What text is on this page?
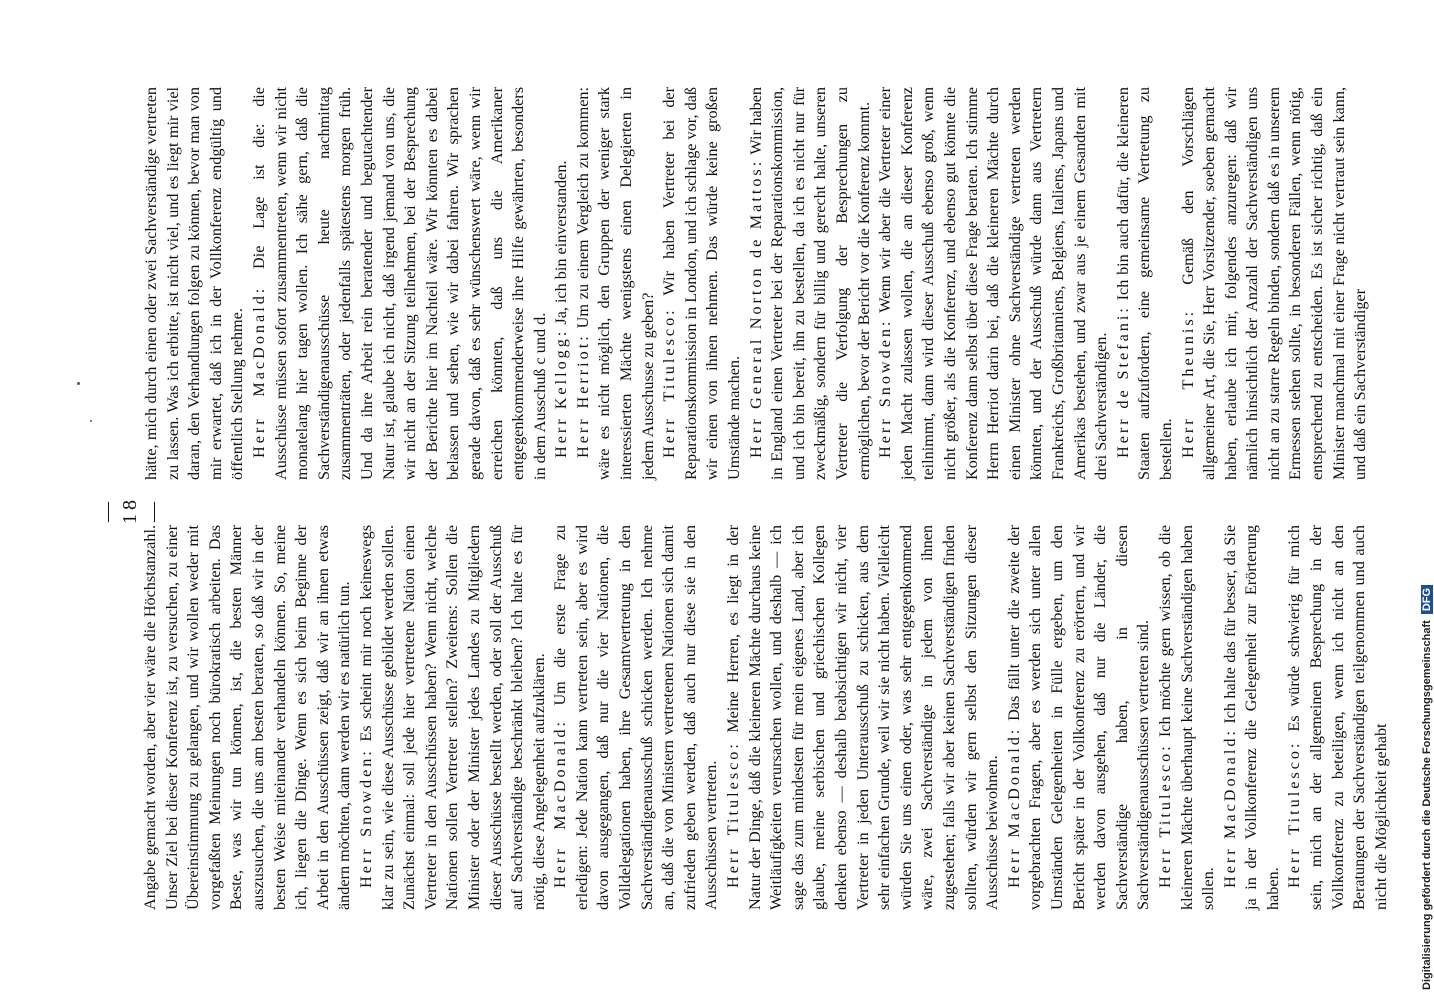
Angabe gemacht worden, aber vier wäre die Höchstanzahl. Unser Ziel bei dieser Konferenz ist, zu versuchen, zu einer Übereinstimmung zu gelangen, und wir wollen weder mit vorgefaßten Meinungen noch bürokratisch arbeiten. Das Beste, was wir tun können, ist, die besten Männer auszusuchen, die uns am besten beraten, so daß wir in der besten Weise miteinander verhandeln können. So, meine ich, liegen die Dinge. Wenn es sich beim Beginne der Arbeit in den Ausschüssen zeigt, daß wir an ihnen etwas ändern möchten, dann werden wir es natürlich tun. Herr Snowden: Es scheint mir noch keineswegs klar zu sein, wie diese Ausschüsse gebildet werden sollen. Zunächst einmal: soll jede hier vertretene Nation einen Vertreter in den Ausschüssen haben? Wenn nicht, welche Nationen sollen Vertreter stellen? Zweitens: Sollen die Minister oder der Minister jedes Landes zu Mitgliedern dieser Ausschüsse bestellt werden, oder soll der Ausschuß auf Sachverständige beschränkt bleiben? Ich halte es für nötig, diese Angelegenheit aufzuklären. Herr MacDonald: Um die erste Frage zu erledigen: Jede Nation kann vertreten sein, aber es wird davon ausgegangen, daß nur die vier Nationen, die Volldelegationen haben, ihre Gesamtvertretung in den Sachverständigenausschuß schicken werden. Ich nehme an, daß die von Ministern vertretenen Nationen sich damit zufrieden geben werden, daß auch nur diese sie in den Ausschüssen vertreten. Herr Titulesco: Meine Herren, es liegt in der Natur der Dinge, daß die kleineren Mächte durchaus keine Weitläufigkeiten verursachen wollen, und deshalb — ich sage das zum mindesten für mein eigenes Land, aber ich glaube, meine serbischen und griechischen Kollegen denken ebenso — deshalb beabsichtigen wir nicht, vier Vertreter in jeden Unterausschuß zu schicken, aus dem sehr einfachen Grunde, weil wir sie nicht haben. Vielleicht würden Sie uns einen oder, was sehr entgegenkommend wäre, zwei Sachverständige in jedem von ihnen zugestehen; falls wir aber keinen Sachverständigen finden sollten, würden wir gern selbst den Sitzungen dieser Ausschüsse beiwohnen. Herr MacDonald: Das fällt unter die zweite der vorgebrachten Fragen, aber es werden sich unter allen Umständen Gelegenheiten in Fülle ergeben, um den Bericht später in der Vollkonferenz zu erörtern, und wir werden davon ausgehen, daß nur die Länder, die Sachverständige haben, in diesen Sachverständigenausschüssen vertreten sind. Herr Titulesco: Ich möchte gern wissen, ob die kleineren Mächte überhaupt keine Sachverständigen haben sollen.

Herr MacDonald: Ich halte das für besser, da Sie ja in der Vollkonferenz die Gelegenheit zur Erörterung haben.

Herr Titulesco: Es würde schwierig für mich sein, mich an der allgemeinen Besprechung in der Vollkonferenz zu beteiligen, wenn ich nicht an den Beratungen der Sachverständigen teilgenommen und auch nicht die Möglichkeit gehabt

— 18 —

hätte, mich durch einen oder zwei Sachverständige vertreten zu lassen. Was ich erbitte, ist nicht viel, und es liegt mir viel daran, den Verhandlungen folgen zu können, bevor man von mir erwartet, daß ich in der Vollkonferenz endgültig und öffentlich Stellung nehme. Herr MacDonald: Die Lage ist die: die Ausschüsse müssen sofort zusammentreten, wenn wir nicht monatelang hier tagen wollen. Ich sähe gern, daß die Sachverständigenausschüsse heute nachmittag zusammenträten, oder jedenfalls spätestens morgen früh. Und da ihre Arbeit rein beratender und begutachtender Natur ist, glaube ich nicht, daß irgend jemand von uns, die wir nicht an der Sitzung teilnehmen, bei der Besprechung der Berichte hier im Nachteil wäre. Wir könnten es dabei belassen und sehen, wie wir dabei fahren. Wir sprachen gerade davon, daß es sehr wünschenswert wäre, wenn wir erreichen könnten, daß uns die Amerikaner entgegenkommenderweise ihre Hilfe gewährten, besonders in dem Ausschuß c und d. Herr Kellogg: Ja, ich bin einverstanden.

Herr Herriot: Um zu einem Vergleich zu kommen: wäre es nicht möglich, den Gruppen der weniger stark interessierten Mächte wenigstens einen Delegierten in jedem Ausschusse zu geben? Herr Titulesco: Wir haben Vertreter bei der Reparationskommission in London, und ich schlage vor, daß wir einen von ihnen nehmen. Das würde keine großen Umstände machen. Herr General Norton de Mattos: Wir haben in England einen Vertreter bei der Reparationskommission, und ich bin bereit, ihn zu bestellen, da ich es nicht nur für zweckmäßig, sondern für billig und gerecht halte, unseren Vertreter die Verfolgung der Besprechungen zu ermöglichen, bevor der Bericht vor die Konferenz kommt. Herr Snowden: Wenn wir aber die Vertreter einer jeden Macht zulassen wollen, die an dieser Konferenz teilnimmt, dann wird dieser Ausschuß ebenso groß, wenn nicht größer, als die Konferenz, und ebenso gut könnte die Konferenz dann selbst über diese Frage beraten. Ich stimme Herrn Herriot darin bei, daß die kleineren Mächte durch einen Minister ohne Sachverständige vertreten werden könnten, und der Ausschuß würde dann aus Vertretern Frankreichs, Großbritanniens, Belgiens, Italiens, Japans und Amerikas bestehen, und zwar aus je einem Gesandten mit drei Sachverständigen. Herr de Stefani: Ich bin auch dafür, die kleineren Staaten aufzufordern, eine gemeinsame Vertretung zu bestellen. Herr Theunis: Gemäß den Vorschlägen allgemeiner Art, die Sie, Herr Vorsitzender, soeben gemacht haben, erlaube ich mir, folgendes anzuregen: daß wir nämlich hinsichtlich der Anzahl der Sachverständigen uns nicht an zu starre Regeln binden, sondern daß es in unserem Ermessen stehen sollte, in besonderen Fällen, wenn nötig, entsprechend zu entscheiden. Es ist sicher richtig, daß ein Minister manchmal mit einer Frage nicht vertraut sein kann, und daß ein Sachverständiger

Digitalisierung gefördert durch die Deutsche Forschungsgemeinschaft DFG
